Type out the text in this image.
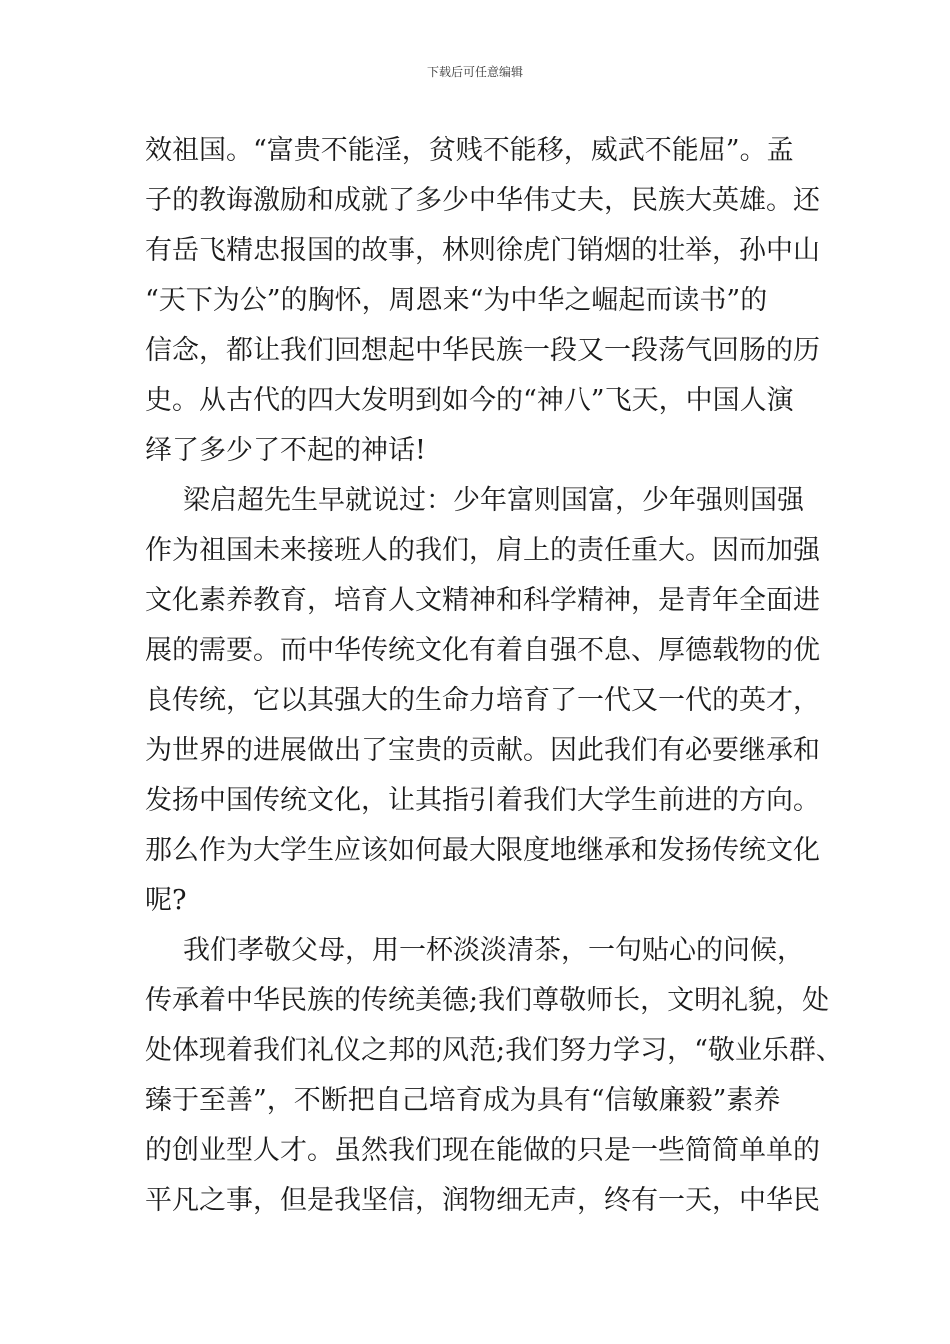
下载后可任意编辑
效祖国。“富贵不能淫，贫贱不能移，威武不能屈”。孟
子的教诲激励和成就了多少中华伟丈夫，民族大英雄。还
有岳飞精忠报国的故事，林则徐虎门销烟的壮举，孙中山
“天下为公”的胸怀，周恩来“为中华之崛起而读书”的
信念，都让我们回想起中华民族一段又一段荡气回肠的历
史。从古代的四大发明到如今的“神八”飞天，中国人演
绎了多少了不起的神话!
梁启超先生早就说过：少年富则国富，少年强则国强
作为祖国未来接班人的我们，肩上的责任重大。因而加强
文化素养教育，培育人文精神和科学精神，是青年全面进
展的需要。而中华传统文化有着自强不息、厚德载物的优
良传统，它以其强大的生命力培育了一代又一代的英才，
为世界的进展做出了宝贵的贡献。因此我们有必要继承和
发扬中国传统文化，让其指引着我们大学生前进的方向。
那么作为大学生应该如何最大限度地继承和发扬传统文化
呢?
我们孝敬父母，用一杯淡淡清茶，一句贴心的问候，
传承着中华民族的传统美德;我们尊敬师长，文明礼貌，处
处体现着我们礼仪之邦的风范;我们努力学习，“敬业乐群、
臻于至善”，不断把自己培育成为具有“信敏廉毅”素养
的创业型人才。虽然我们现在能做的只是一些简简单单的
平凡之事，但是我坚信，润物细无声，终有一天，中华民
